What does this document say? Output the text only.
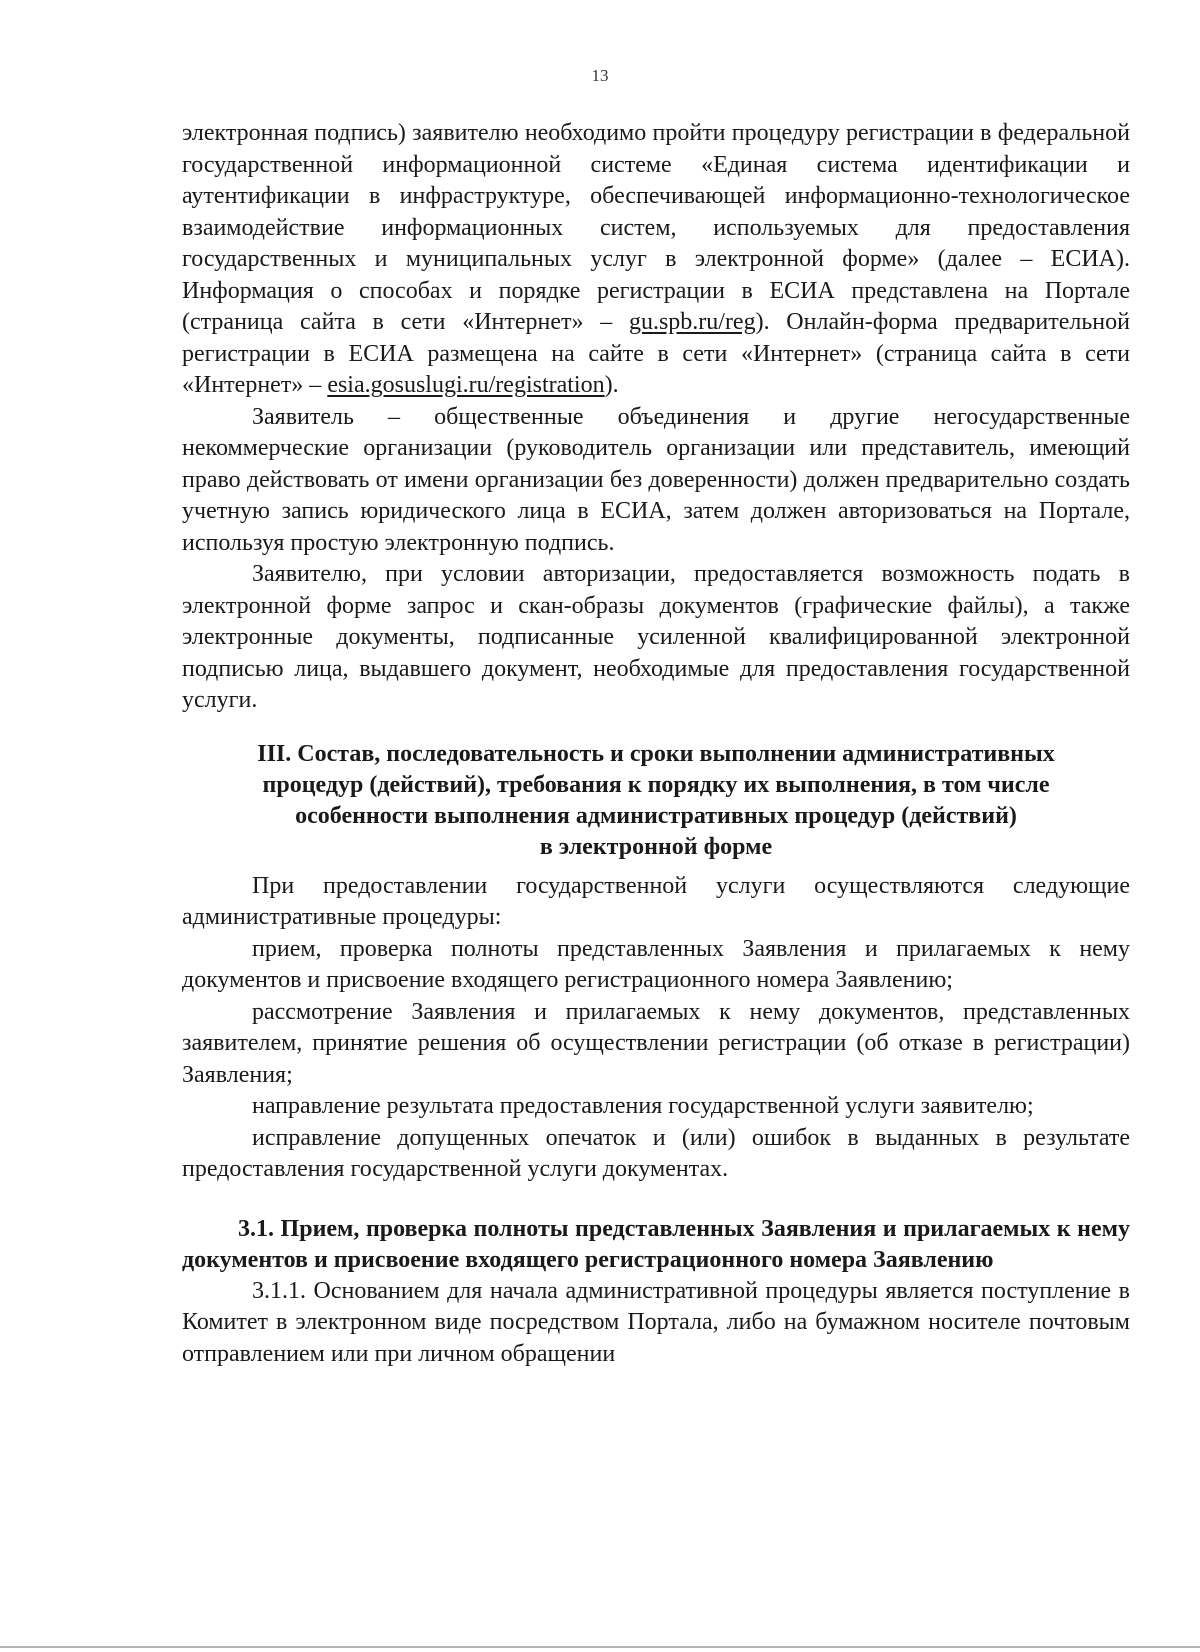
13

электронная подпись) заявителю необходимо пройти процедуру регистрации в федеральной государственной информационной системе «Единая система идентификации и аутентификации в инфраструктуре, обеспечивающей информационно-технологическое взаимодействие информационных систем, используемых для предоставления государственных и муниципальных услуг в электронной форме» (далее – ЕСИА). Информация о способах и порядке регистрации в ЕСИА представлена на Портале (страница сайта в сети «Интернет» – gu.spb.ru/reg). Онлайн-форма предварительной регистрации в ЕСИА размещена на сайте в сети «Интернет» (страница сайта в сети «Интернет» – esia.gosuslugi.ru/registration).

Заявитель – общественные объединения и другие негосударственные некоммерческие организации (руководитель организации или представитель, имеющий право действовать от имени организации без доверенности) должен предварительно создать учетную запись юридического лица в ЕСИА, затем должен авторизоваться на Портале, используя простую электронную подпись.

Заявителю, при условии авторизации, предоставляется возможность подать в электронной форме запрос и скан-образы документов (графические файлы), а также электронные документы, подписанные усиленной квалифицированной электронной подписью лица, выдавшего документ, необходимые для предоставления государственной услуги.

III. Состав, последовательность и сроки выполнении административных
процедур (действий), требования к порядку их выполнения, в том числе
особенности выполнения административных процедур (действий)
в электронной форме

При предоставлении государственной услуги осуществляются следующие административные процедуры:

прием, проверка полноты представленных Заявления и прилагаемых к нему документов и присвоение входящего регистрационного номера Заявлению;

рассмотрение Заявления и прилагаемых к нему документов, представленных заявителем, принятие решения об осуществлении регистрации (об отказе в регистрации) Заявления;

направление результата предоставления государственной услуги заявителю;

исправление допущенных опечаток и (или) ошибок в выданных в результате предоставления государственной услуги документах.

3.1. Прием, проверка полноты представленных Заявления и прилагаемых к нему документов и присвоение входящего регистрационного номера Заявлению

3.1.1. Основанием для начала административной процедуры является поступление в Комитет в электронном виде посредством Портала, либо на бумажном носителе почтовым отправлением или при личном обращении
